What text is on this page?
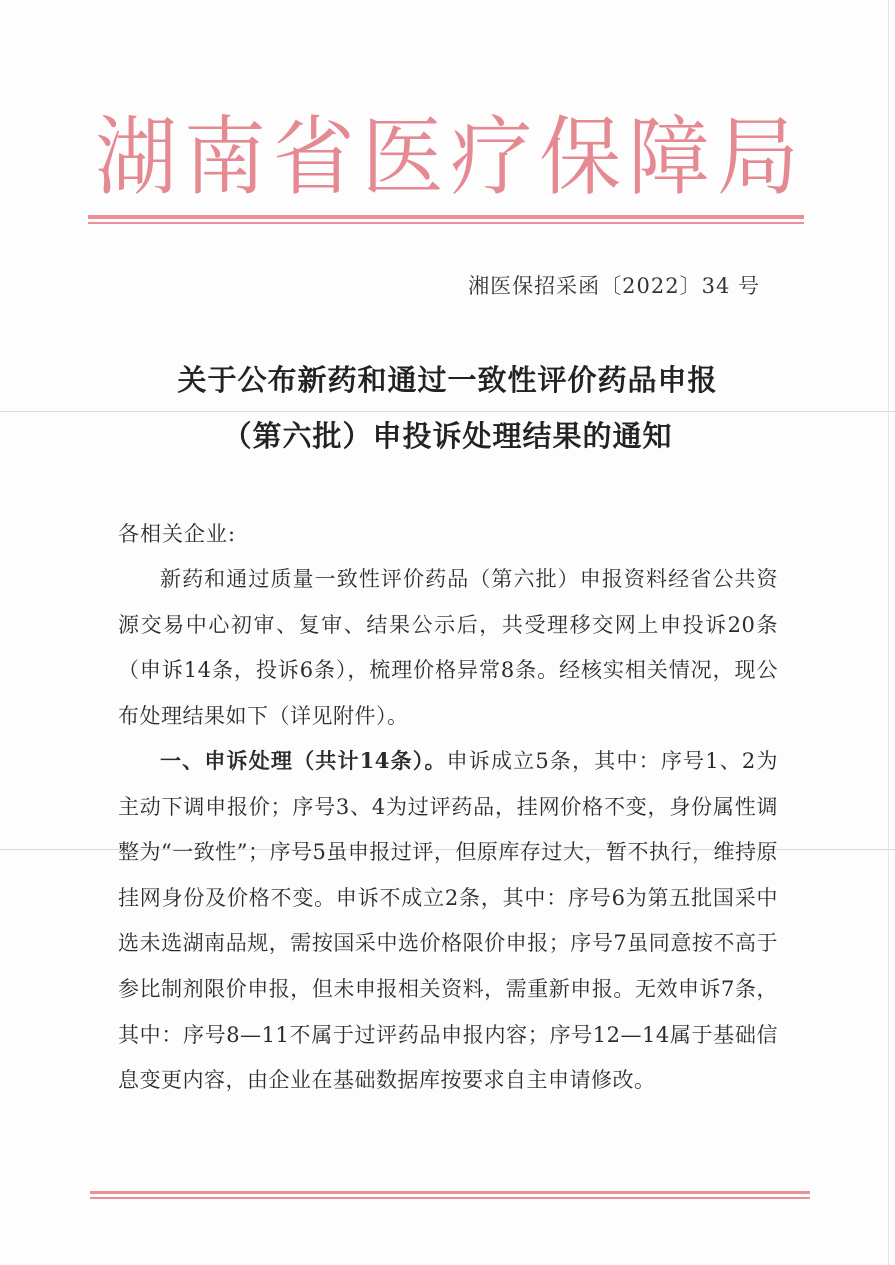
湖 南 省 医 疗 保 障 局
湘医保招采函〔2022〕34 号
关于公布新药和通过一致性评价药品申报
（第六批）申投诉处理结果的通知
各相关企业:

新药和通过质量一致性评价药品（第六批）申报资料经省公共资源交易中心初审、复审、结果公示后，共受理移交网上申投诉20条（申诉14条，投诉6条），梳理价格异常8条。经核实相关情况，现公布处理结果如下（详见附件）。

一、申诉处理（共计14条）。申诉成立5条，其中：序号1、2为主动下调申报价；序号3、4为过评药品，挂网价格不变，身份属性调整为“一致性”；序号5虽申报过评，但原库存过大，暂不执行，维持原挂网身份及价格不变。申诉不成立2条，其中：序号6为第五批国采中选未选湖南品规，需按国采中选价格限价申报；序号7虽同意按不高于参比制剂限价申报，但未申报相关资料，需重新申报。无效申诉7条，其中：序号8—11不属于过评药品申报内容；序号12—14属于基础信息变更内容，由企业在基础数据库按要求自主申请修改。
